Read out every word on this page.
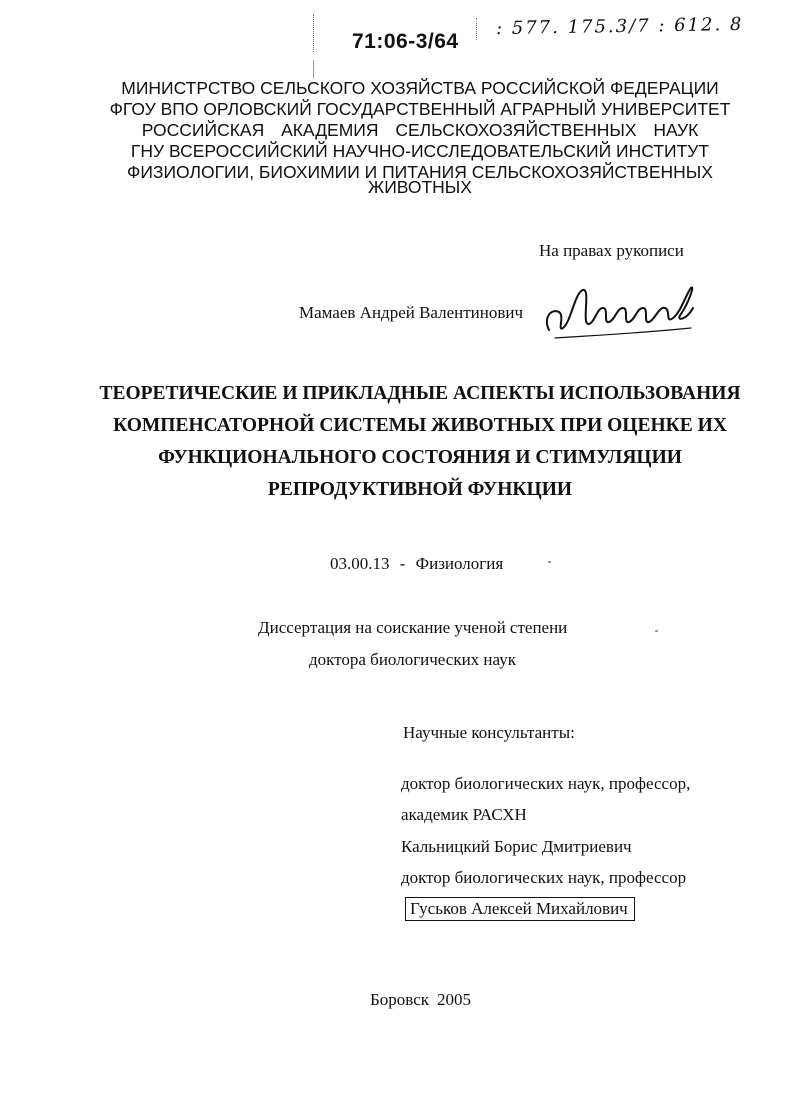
71:06-3/64
: 577. 175.3/7 : 612. 8
МИНИСТРСТВО СЕЛЬСКОГО ХОЗЯЙСТВА РОССИЙСКОЙ ФЕДЕРАЦИИ
ФГОУ ВПО ОРЛОВСКИЙ ГОСУДАРСТВЕННЫЙ АГРАРНЫЙ УНИВЕРСИТЕТ
РОССИЙСКАЯ АКАДЕМИЯ СЕЛЬСКОХОЗЯЙСТВЕННЫХ НАУК
ГНУ ВСЕРОССИЙСКИЙ НАУЧНО-ИССЛЕДОВАТЕЛЬСКИЙ ИНСТИТУТ
ФИЗИОЛОГИИ, БИОХИМИИ И ПИТАНИЯ СЕЛЬСКОХОЗЯЙСТВЕННЫХ
ЖИВОТНЫХ
На правах рукописи
Мамаев Андрей Валентинович
ТЕОРЕТИЧЕСКИЕ И ПРИКЛАДНЫЕ АСПЕКТЫ ИСПОЛЬЗОВАНИЯ
КОМПЕНСАТОРНОЙ СИСТЕМЫ ЖИВОТНЫХ ПРИ ОЦЕНКЕ ИХ
ФУНКЦИОНАЛЬНОГО СОСТОЯНИЯ И СТИМУЛЯЦИИ
РЕПРОДУКТИВНОЙ ФУНКЦИИ
03.00.13 - Физиология
Диссертация на соискание ученой степени
доктора биологических наук
Научные консультанты:
доктор биологических наук, профессор,
академик РАСХН
Кальницкий Борис Дмитриевич
доктор биологических наук, профессор
Гуськов Алексей Михайлович
Боровск 2005
